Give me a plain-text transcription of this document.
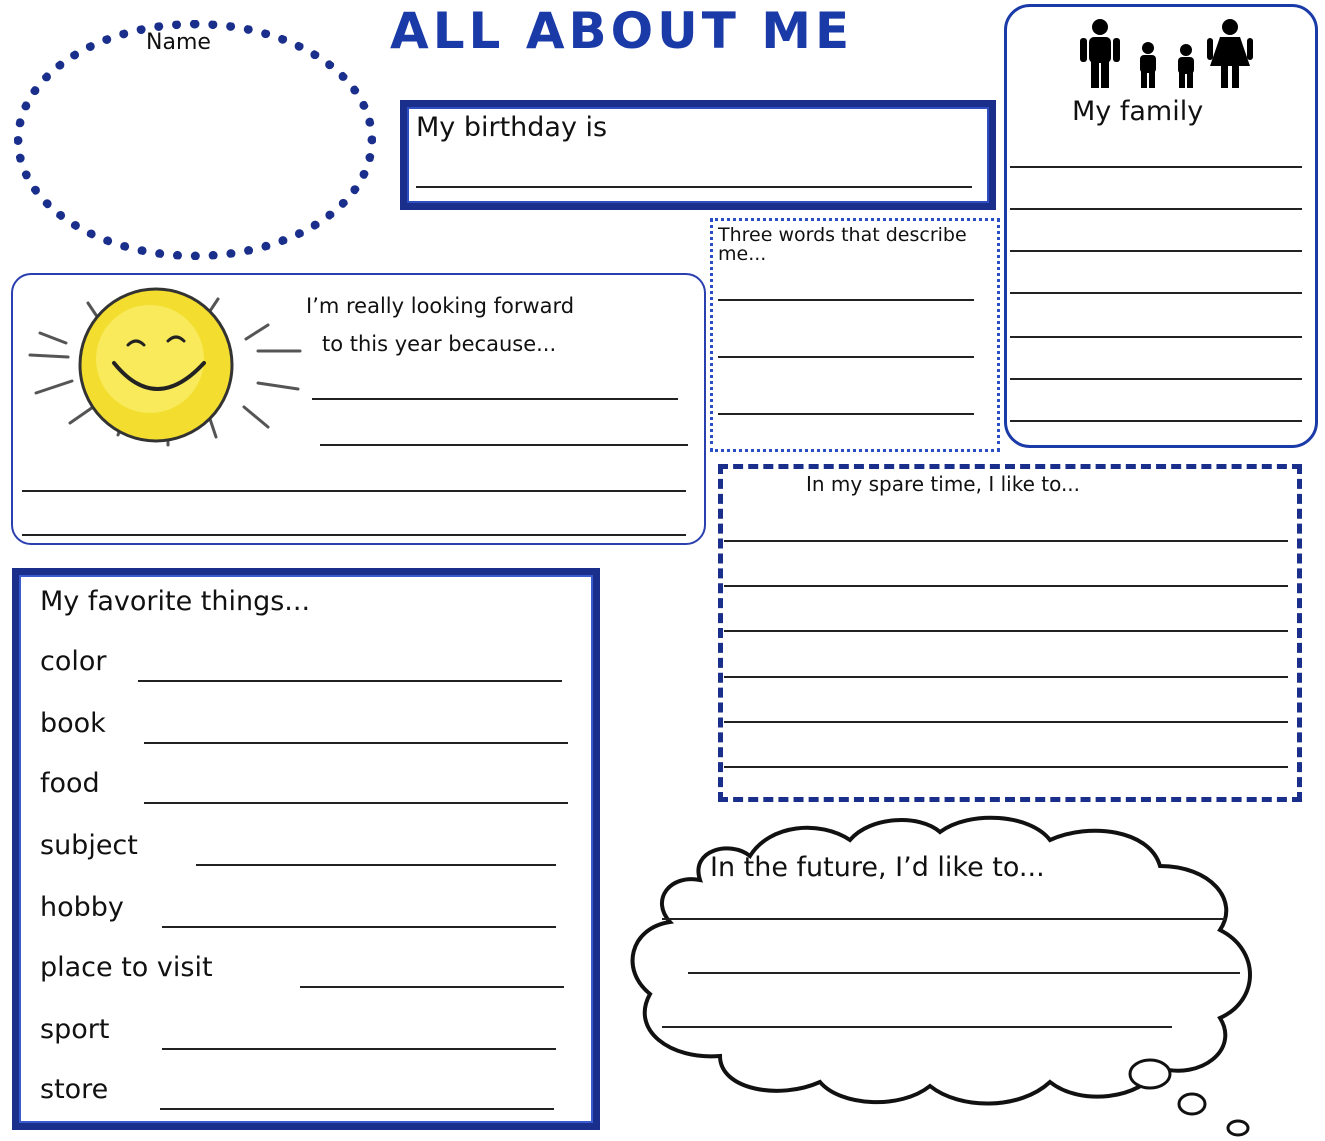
ALL ABOUT ME
Name
My birthday is
My family
Three words that describe me...
I’m really looking forward
to this year because...
In my spare time, I like to...
My favorite things...
color
book
food
subject
hobby
place to visit
sport
store
In the future, I’d like to...
